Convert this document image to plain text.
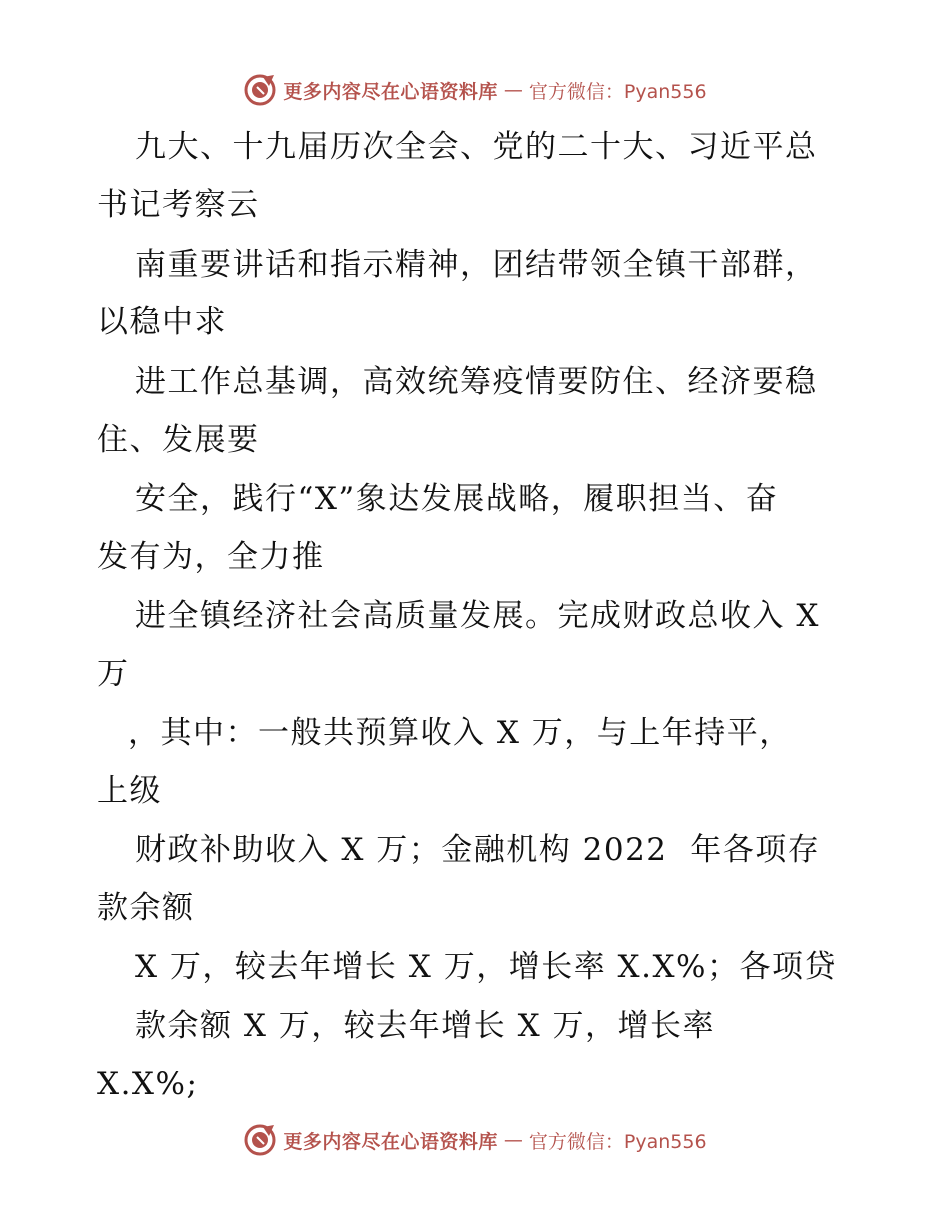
更多内容尽在心语资料库 — 官方微信：Pyan556
九大、十九届历次全会、党的二十大、习近平总
书记考察云
南重要讲话和指示精神，团结带领全镇干部群，
以稳中求
进工作总基调，高效统筹疫情要防住、经济要稳
住、发展要
安全，践行“X”象达发展战略，履职担当、奋
发有为，全力推
进全镇经济社会高质量发展。完成财政总收入 X
万
，其中：一般共预算收入 X 万，与上年持平，
上级
财政补助收入 X 万；金融机构 2022  年各项存
款余额
X 万，较去年增长 X 万，增长率 X.X%；各项贷
款余额 X 万，较去年增长 X 万，增长率
X.X%;
更多内容尽在心语资料库 — 官方微信：Pyan556
